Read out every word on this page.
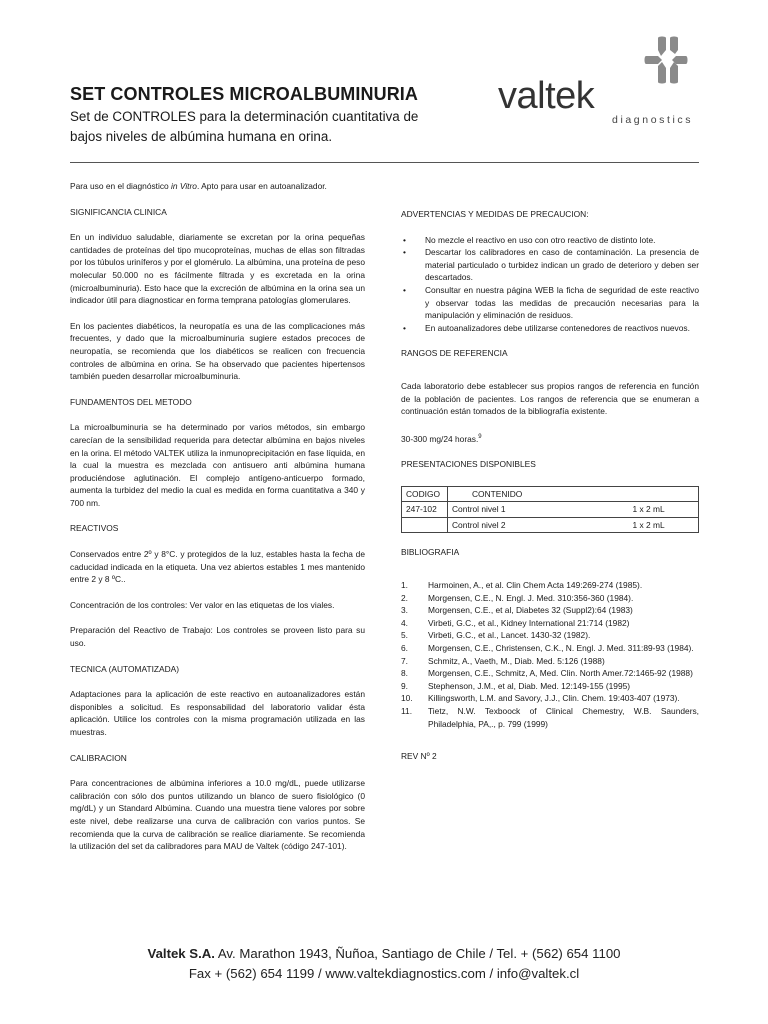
SET CONTROLES MICROALBUMINURIA
Set de CONTROLES para la determinación cuantitativa de bajos niveles de albúmina humana en orina.
valtek
diagnostics

Para uso en el diagnóstico in Vitro. Apto para usar en autoanalizador.

SIGNIFICANCIA CLINICA

En un individuo saludable, diariamente se excretan por la orina pequeñas cantidades de proteínas del tipo mucoproteínas, muchas de ellas son filtradas por los túbulos uriníferos y por el glomérulo. La albúmina, una proteína de peso molecular 50.000 no es fácilmente filtrada y es excretada en la orina (microalbuminuria). Esto hace que la excreción de albúmina en la orina sea un indicador útil para diagnosticar en forma temprana patologías glomerulares.

En los pacientes diabéticos, la neuropatía es una de las complicaciones más frecuentes, y dado que la microalbuminuria sugiere estados precoces de neuropatía, se recomienda que los diabéticos se realicen con frecuencia controles de albúmina en orina. Se ha observado que pacientes hipertensos también pueden desarrollar microalbuminuria.

FUNDAMENTOS DEL METODO

La microalbuminuria se ha determinado por varios métodos, sin embargo carecían de la sensibilidad requerida para detectar albúmina en bajos niveles en la orina. El método VALTEK utiliza la inmunoprecipitación en fase líquida, en la cual la muestra es mezclada con antisuero anti albúmina humana produciéndose aglutinación. El complejo antígeno-anticuerpo formado, aumenta la turbidez del medio la cual es medida en forma cuantitativa a 340 y 700 nm.

REACTIVOS

Conservados entre 2º y 8°C. y protegidos de la luz, estables hasta la fecha de caducidad indicada en la etiqueta. Una vez abiertos estables 1 mes mantenido entre 2 y 8 ºC..

Concentración de los controles: Ver valor en las etiquetas de los viales.

Preparación del Reactivo de Trabajo: Los controles se proveen listo para su uso.

TECNICA (AUTOMATIZADA)

Adaptaciones para la aplicación de este reactivo en autoanalizadores están disponibles a solicitud. Es responsabilidad del laboratorio validar ésta aplicación. Utilice los controles con la misma programación utilizada en las muestras.

CALIBRACION

Para concentraciones de albúmina inferiores a 10.0 mg/dL, puede utilizarse calibración con sólo dos puntos utilizando un blanco de suero fisiológico (0 mg/dL) y un Standard Albúmina. Cuando una muestra tiene valores por sobre este nivel, debe realizarse una curva de calibración con varios puntos. Se recomienda que la curva de calibración se realice diariamente. Se recomienda la utilización del set da calibradores para MAU de Valtek (código 247-101).

ADVERTENCIAS Y MEDIDAS DE PRECAUCION:

• No mezcle el reactivo en uso con otro reactivo de distinto lote.
• Descartar los calibradores en caso de contaminación. La presencia de material particulado o turbidez indican un grado de deterioro y deben ser descartados.
• Consultar en nuestra página WEB la ficha de seguridad de este reactivo y observar todas las medidas de precaución necesarias para la manipulación y eliminación de residuos.
• En autoanalizadores debe utilizarse contenedores de reactivos nuevos.

RANGOS DE REFERENCIA

Cada laboratorio debe establecer sus propios rangos de referencia en función de la población de pacientes. Los rangos de referencia que se enumeran a continuación están tomados de la bibliografía existente.

30-300 mg/24 horas.$^9$

PRESENTACIONES DISPONIBLES

CODIGO	CONTENIDO	
247-102	Control nivel 1	1 x 2 mL
	Control nivel 2	1 x 2 mL

BIBLIOGRAFIA

1.	Harmoinen, A., et al. Clin Chem Acta 149:269-274 (1985).
2.	Morgensen, C.E., N. Engl. J. Med. 310:356-360 (1984).
3.	Morgensen, C.E., et al, Diabetes 32 (Suppl2):64 (1983)
4.	Virbeti, G.C., et al., Kidney International 21:714 (1982)
5.	Virbeti, G.C., et al., Lancet. 1430-32 (1982).
6.	Morgensen, C.E., Christensen, C.K., N. Engl. J. Med. 311:89-93 (1984).
7.	Schmitz, A., Vaeth, M., Diab. Med. 5:126 (1988)
8.	Morgensen, C.E., Schmitz, A, Med. Clin. North Amer.72:1465-92 (1988)
9.	Stephenson, J.M., et al, Diab. Med. 12:149-155 (1995)
10.	Killingsworth, L.M. and Savory, J.J., Clin. Chem. 19:403-407 (1973).
11.	Tietz, N.W. Texboock of Clinical Chemestry, W.B. Saunders, Philadelphia, PA,., p. 799 (1999)

REV Nº 2

Valtek S.A. Av. Marathon 1943, Ñuñoa, Santiago de Chile / Tel. + (562) 654 1100
Fax + (562) 654 1199 / www.valtekdiagnostics.com / info@valtek.cl
